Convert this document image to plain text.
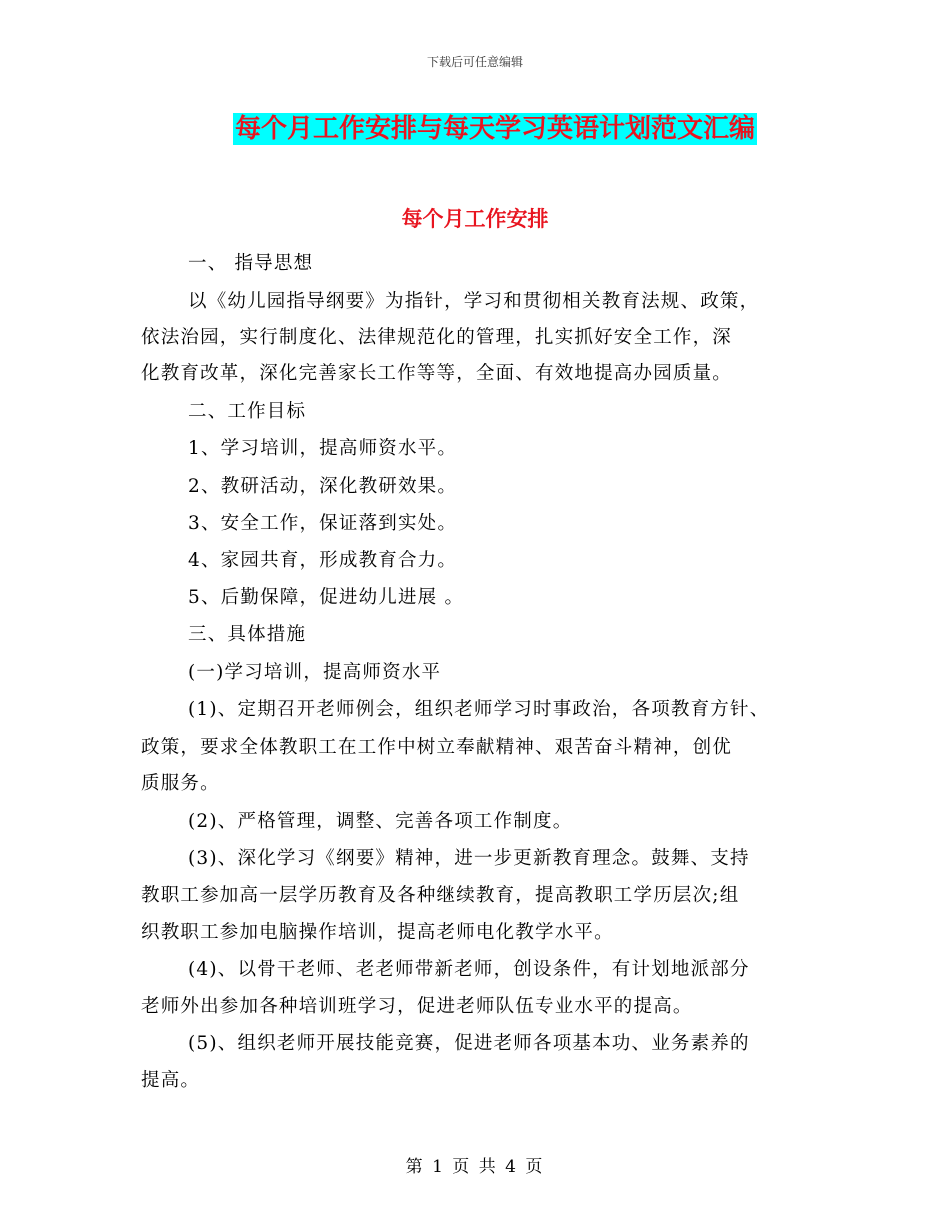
下载后可任意编辑
每个月工作安排与每天学习英语计划范文汇编
每个月工作安排
一、 指导思想
以《幼儿园指导纲要》为指针，学习和贯彻相关教育法规、政策，
依法治园，实行制度化、法律规范化的管理，扎实抓好安全工作，深
化教育改革，深化完善家长工作等等，全面、有效地提高办园质量。
二、工作目标
1、学习培训，提高师资水平。
2、教研活动，深化教研效果。
3、安全工作，保证落到实处。
4、家园共育，形成教育合力。
5、后勤保障，促进幼儿进展 。
三、具体措施
(一)学习培训，提高师资水平
(1)、定期召开老师例会，组织老师学习时事政治，各项教育方针、
政策，要求全体教职工在工作中树立奉献精神、艰苦奋斗精神，创优
质服务。
(2)、严格管理，调整、完善各项工作制度。
(3)、深化学习《纲要》精神，进一步更新教育理念。鼓舞、支持
教职工参加高一层学历教育及各种继续教育，提高教职工学历层次;组
织教职工参加电脑操作培训，提高老师电化教学水平。
(4)、以骨干老师、老老师带新老师，创设条件，有计划地派部分
老师外出参加各种培训班学习，促进老师队伍专业水平的提高。
(5)、组织老师开展技能竞赛，促进老师各项基本功、业务素养的
提高。
第 1 页 共 4 页
